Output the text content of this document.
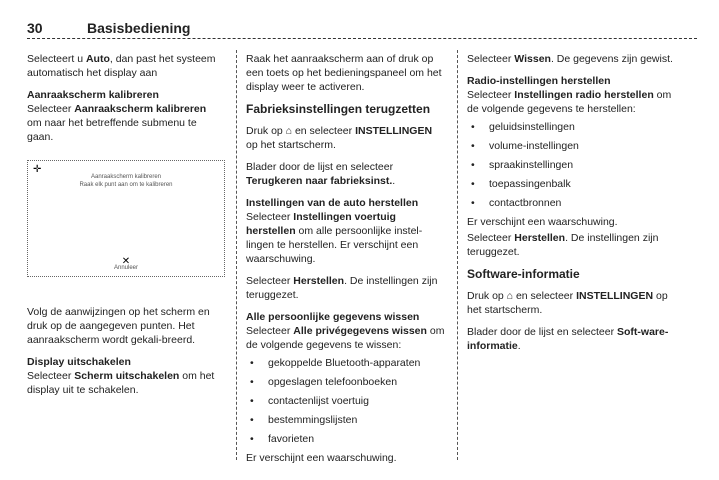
30	Basisbediening

Selecteert u Auto, dan past het systeem automatisch het display aan

Aanraakscherm kalibreren

Selecteer Aanraakscherm kalibreren om naar het betreffende submenu te gaan.

✛
Aanraakscherm kalibreren
Raak elk punt aan om te kalibreren
✕
Annuleer

Volg de aanwijzingen op het scherm en druk op de aangegeven punten. Het aanraakscherm wordt gekali-breerd.

Display uitschakelen

Selecteer Scherm uitschakelen om het display uit te schakelen.

Raak het aanraakscherm aan of druk op een toets op het bedieningspaneel om het display weer te activeren.

Fabrieksinstellingen terugzetten

Druk op ⌂ en selecteer INSTELLINGEN op het startscherm.

Blader door de lijst en selecteer Terugkeren naar fabrieksinst..

Instellingen van de auto herstellen

Selecteer Instellingen voertuig herstellen om alle persoonlijke instel-lingen te herstellen. Er verschijnt een waarschuwing.

Selecteer Herstellen. De instellingen zijn teruggezet.

Alle persoonlijke gegevens wissen

Selecteer Alle privégegevens wissen om de volgende gegevens te wissen:

• gekoppelde Bluetooth-apparaten
• opgeslagen telefoonboeken
• contactenlijst voertuig
• bestemmingslijsten
• favorieten

Er verschijnt een waarschuwing.

Selecteer Wissen. De gegevens zijn gewist.

Radio-instellingen herstellen

Selecteer Instellingen radio herstellen om de volgende gegevens te herstellen:

• geluidsinstellingen
• volume-instellingen
• spraakinstellingen
• toepassingenbalk
• contactbronnen

Er verschijnt een waarschuwing.

Selecteer Herstellen. De instellingen zijn teruggezet.

Software-informatie

Druk op ⌂ en selecteer INSTELLINGEN op het startscherm.

Blader door de lijst en selecteer Soft-ware-informatie.
